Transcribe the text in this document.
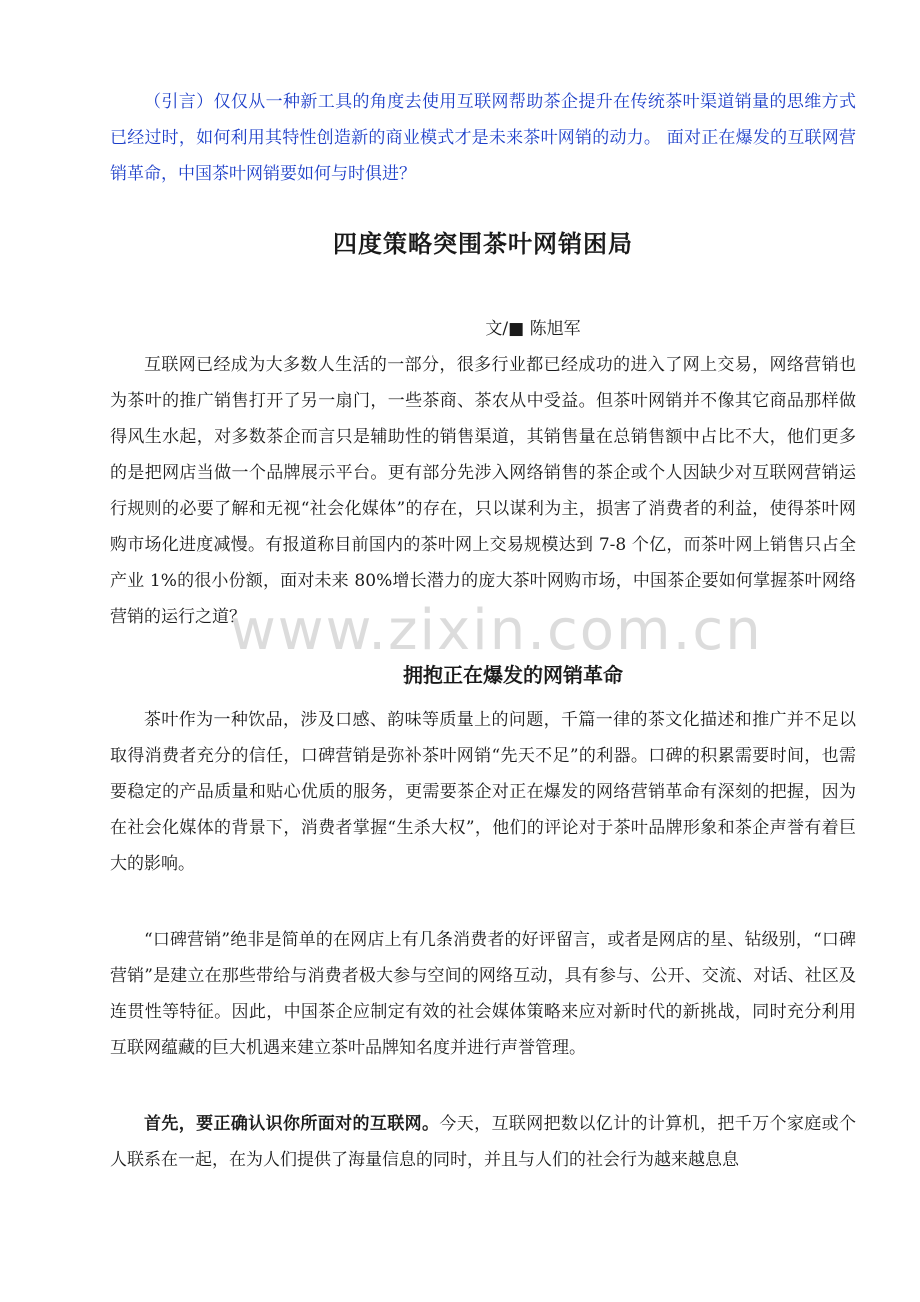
www.zixin.com.cn

（引言）仅仅从一种新工具的角度去使用互联网帮助茶企提升在传统茶叶渠道销量的思维方式已经过时，如何利用其特性创造新的商业模式才是未来茶叶网销的动力。 面对正在爆发的互联网营销革命，中国茶叶网销要如何与时俱进？

四度策略突围茶叶网销困局
文/■ 陈旭军

互联网已经成为大多数人生活的一部分，很多行业都已经成功的进入了网上交易，网络营销也为茶叶的推广销售打开了另一扇门，一些茶商、茶农从中受益。但茶叶网销并不像其它商品那样做得风生水起，对多数茶企而言只是辅助性的销售渠道，其销售量在总销售额中占比不大，他们更多的是把网店当做一个品牌展示平台。更有部分先涉入网络销售的茶企或个人因缺少对互联网营销运行规则的必要了解和无视“社会化媒体”的存在，只以谋利为主，损害了消费者的利益，使得茶叶网购市场化进度减慢。有报道称目前国内的茶叶网上交易规模达到 7-8 个亿，而茶叶网上销售只占全产业 1%的很小份额，面对未来 80%增长潜力的庞大茶叶网购市场，中国茶企要如何掌握茶叶网络营销的运行之道？

拥抱正在爆发的网销革命

茶叶作为一种饮品，涉及口感、韵味等质量上的问题，千篇一律的茶文化描述和推广并不足以取得消费者充分的信任，口碑营销是弥补茶叶网销“先天不足”的利器。口碑的积累需要时间，也需要稳定的产品质量和贴心优质的服务，更需要茶企对正在爆发的网络营销革命有深刻的把握，因为在社会化媒体的背景下，消费者掌握“生杀大权”，他们的评论对于茶叶品牌形象和茶企声誉有着巨大的影响。

“口碑营销”绝非是简单的在网店上有几条消费者的好评留言，或者是网店的星、钻级别，“口碑营销”是建立在那些带给与消费者极大参与空间的网络互动，具有参与、公开、交流、对话、社区及连贯性等特征。因此，中国茶企应制定有效的社会媒体策略来应对新时代的新挑战，同时充分利用互联网蕴藏的巨大机遇来建立茶叶品牌知名度并进行声誉管理。

首先，要正确认识你所面对的互联网。今天，互联网把数以亿计的计算机，把千万个家庭或个人联系在一起，在为人们提供了海量信息的同时，并且与人们的社会行为越来越息息
